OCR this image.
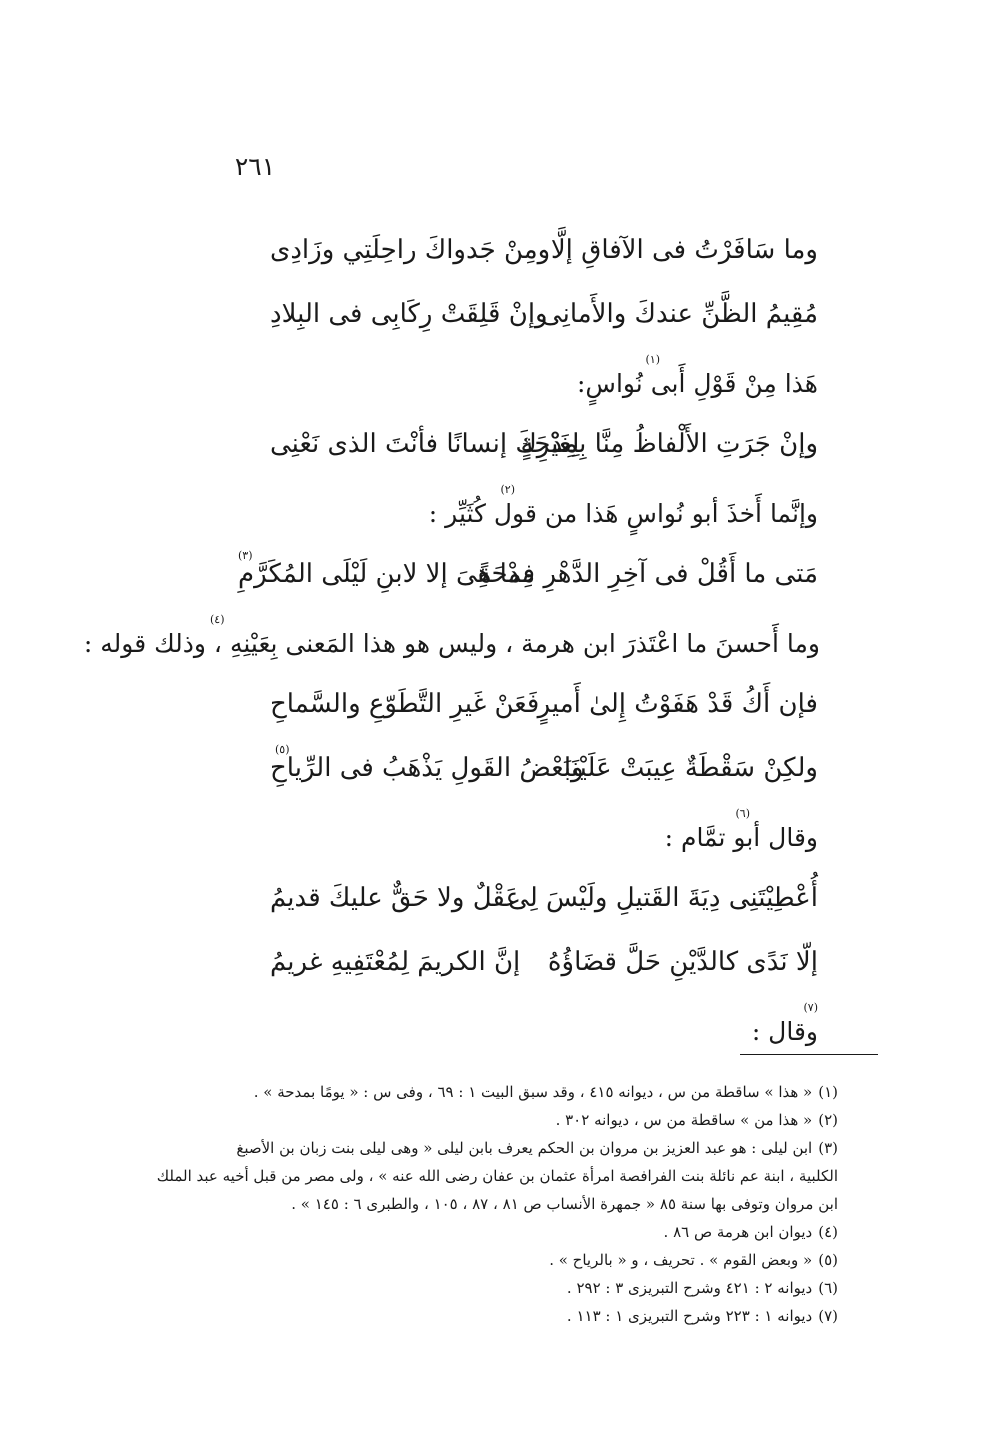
٢٦١
وما سَافَرْتُ فى الآفاقِ إلَّا
ومِنْ جَدواكَ راحِلَتِي وزَادِى
مُقِيمُ الظَّنِّ عندكَ والأَمانِى
وإنْ قَلِقَتْ رِكَابِى فى البِلادِ
(١)
هَذا مِنْ قَوْلِ أَبى نُواسٍ:
وإنْ جَرَتِ الأَلْفاظُ مِنَّا بِمِدْحَةٍ
لِغَيْرِكَ إنسانًا فأنْتَ الذى نَعْنِى
(٢)
وإنَّما أَخذَ أبو نُواسٍ هَذا من قول كُثَيِّر :
(٣)
مَتى ما أَقُلْ فى آخِرِ الدَّهْرِ مِدْحَةً
فما هِىَ إلا لابنِ لَيْلَى المُكَرَّمِ
(٤)
وما أَحسنَ ما اعْتَذرَ ابن هرمة ، وليس هو هذا المَعنى بِعَيْنِهِ ، وذلك قوله :
فإن أَكُ قَدْ هَفَوْتُ إِلىٰ أَميرٍ
فَعَنْ غَيرِ التَّطَوّعِ والسَّماحِ
(٥)
ولكِنْ سَقْطَةٌ عِيبَتْ عَلَيْنَا
وبَعْضُ القَولِ يَذْهَبُ فى الرِّياحِ
(٦)
وقال أبو تمَّام :
أُعْطِيْتَنِى دِيَةَ القَتيلِ ولَيْسَ لِى
عَقْلٌ ولا حَقٌّ عليكَ قديمُ
إلّا نَدًى كالدَّيْنِ حَلَّ قضَاؤُهُ
إنَّ الكريمَ لِمُعْتَفِيهِ غريمُ
(٧)
وقال :
(١)« هذا » ساقطة من س ، ديوانه ٤١٥ ، وقد سبق البيت ١ : ٦٩ ، وفى س : « يومًا بمدحة » .
(٢)« هذا من » ساقطة من س ، ديوانه ٣٠٢ .
(٣)ابن ليلى : هو عبد العزيز بن مروان بن الحكم يعرف بابن ليلى « وهى ليلى بنت زبان بن الأصبغ
الكلبية ، ابنة عم نائلة بنت الفرافصة امرأة عثمان بن عفان رضى الله عنه » ، ولى مصر من قبل أخيه عبد الملك
ابن مروان وتوفى بها سنة ٨٥ « جمهرة الأنساب ص ٨١ ، ٨٧ ، ١٠٥ ، والطبرى ٦ : ١٤٥ » .
(٤)ديوان ابن هرمة ص ٨٦ .
(٥)« وبعض القوم » . تحريف ، و « بالرياح » .
(٦)ديوانه ٢ : ٤٢١ وشرح التبريزى ٣ : ٢٩٢ .
(٧)ديوانه ١ : ٢٢٣ وشرح التبريزى ١ : ١١٣ .
